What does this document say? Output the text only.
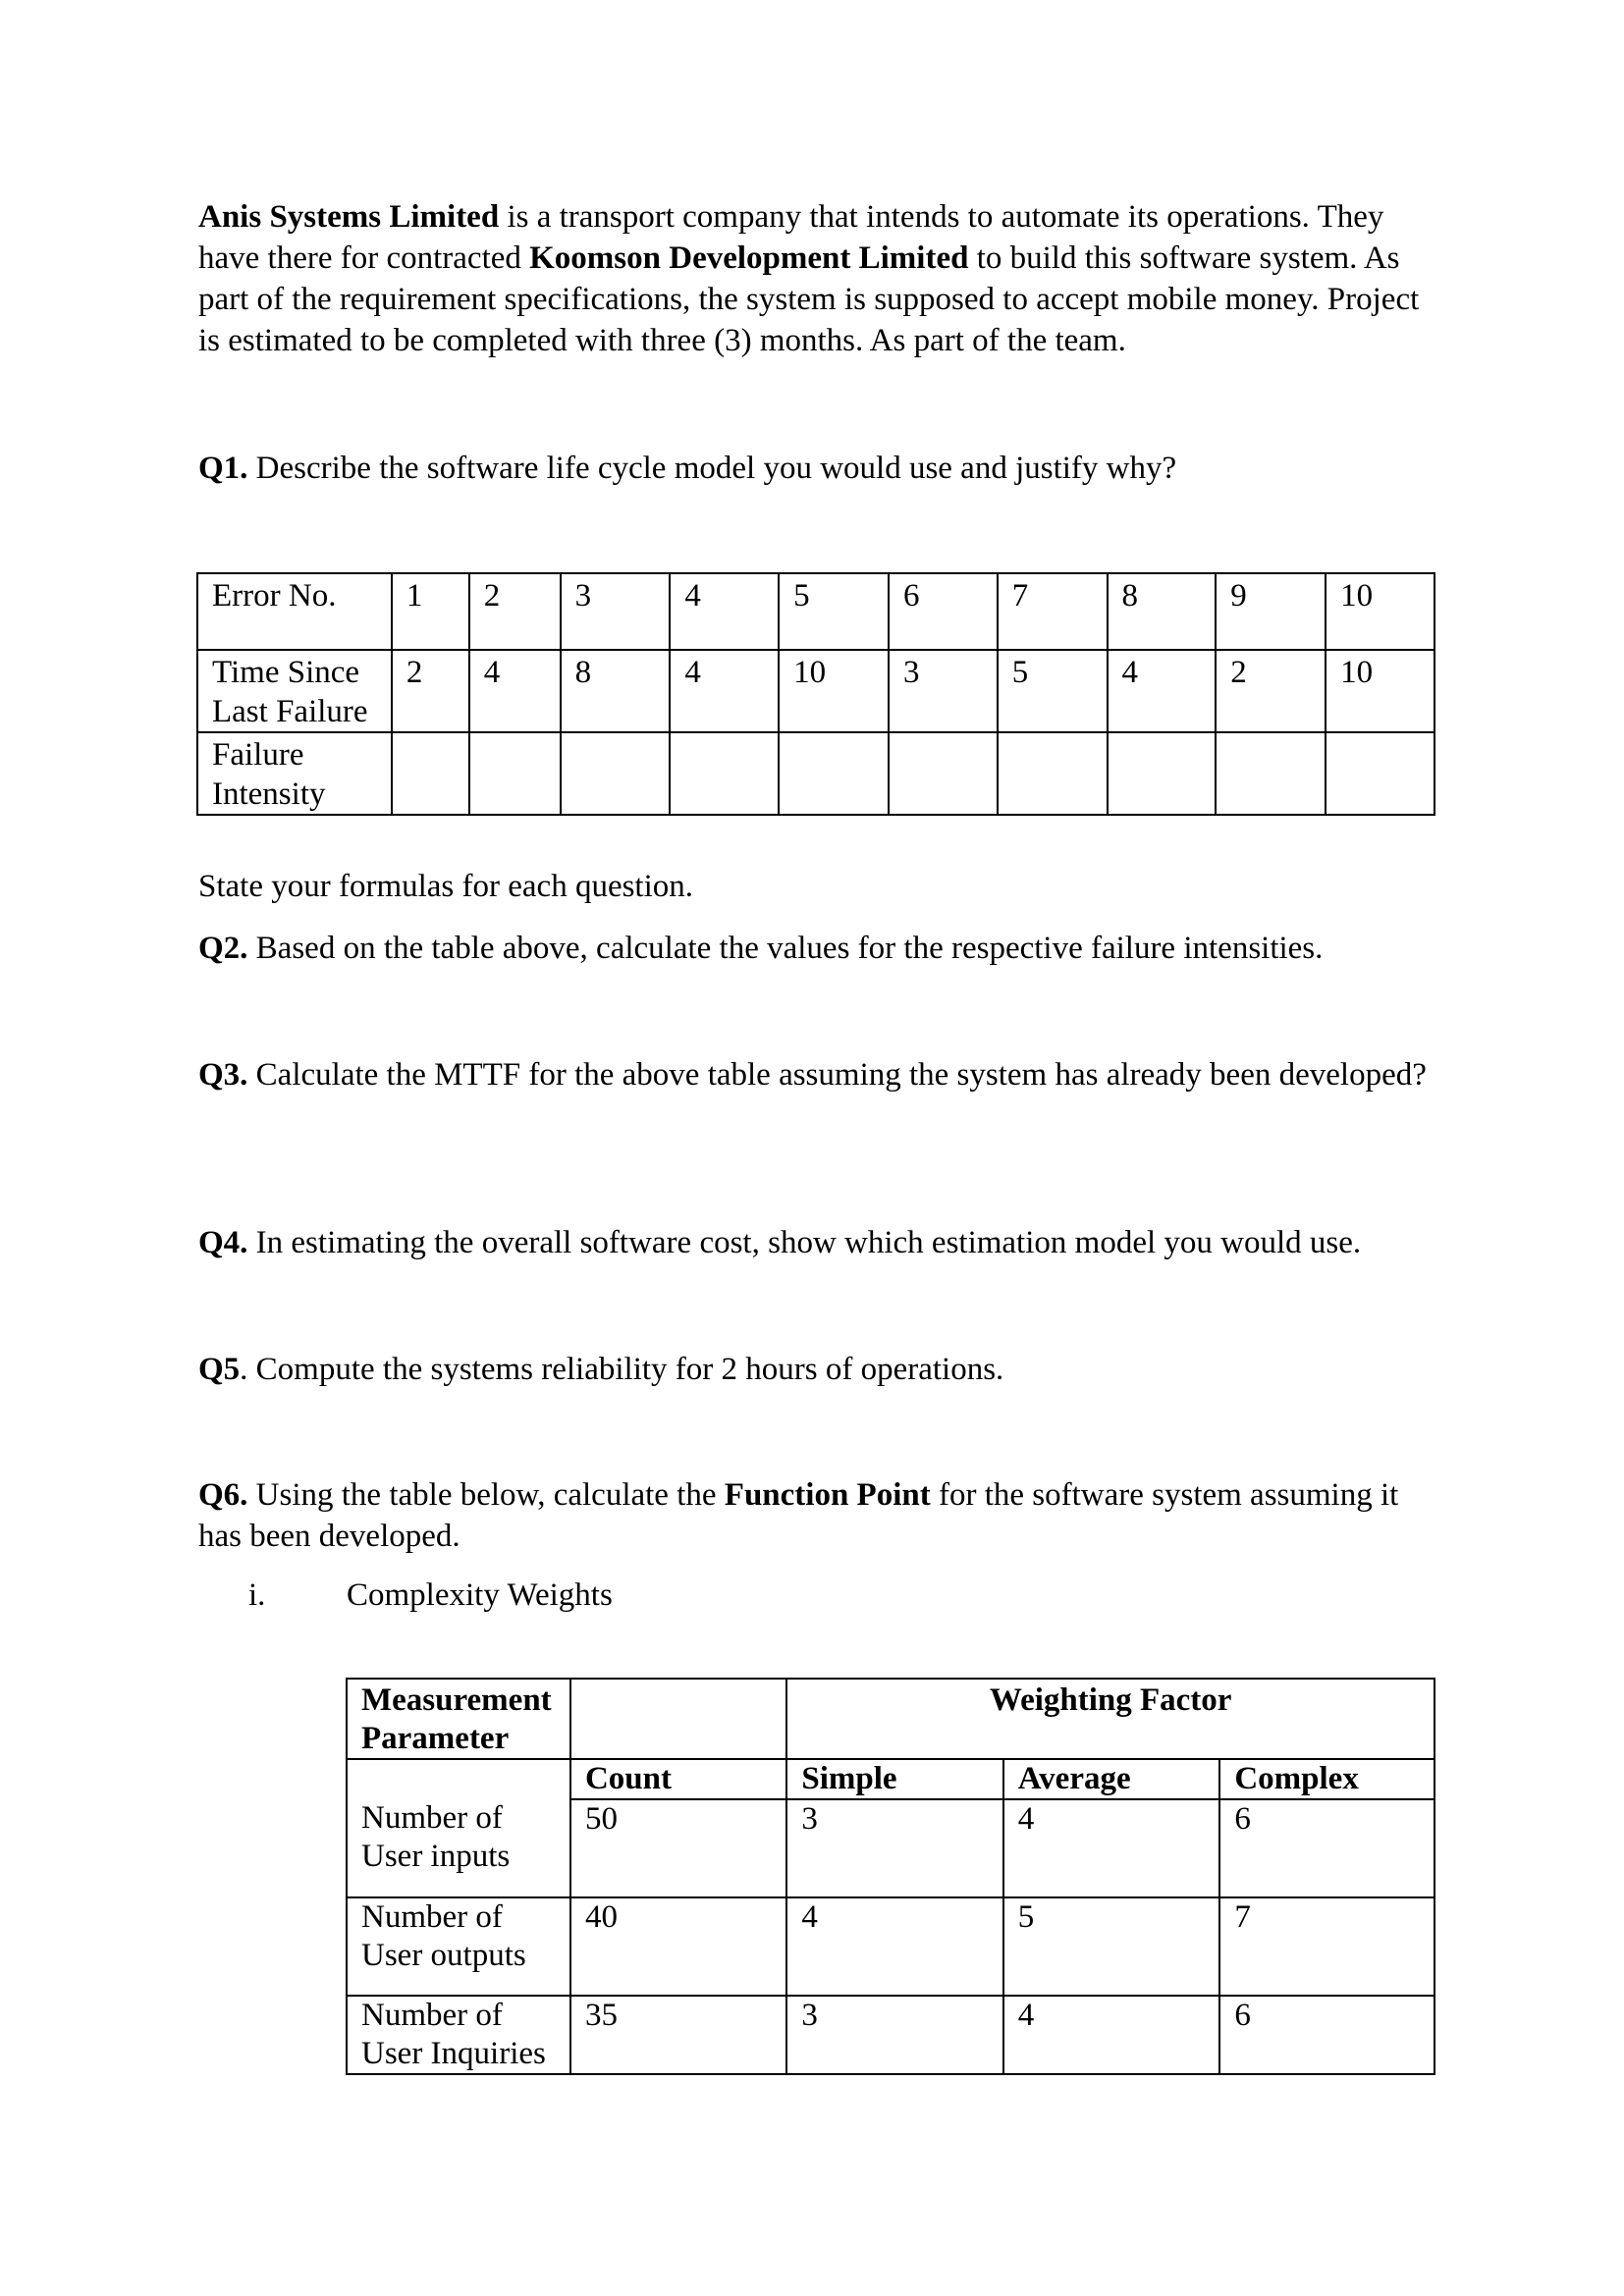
Anis Systems Limited is a transport company that intends to automate its operations. They have there for contracted Koomson Development Limited to build this software system. As part of the requirement specifications, the system is supposed to accept mobile money. Project is estimated to be completed with three (3) months. As part of the team.

Q1. Describe the software life cycle model you would use and justify why?

Error No.	1	2	3	4	5	6	7	8	9	10
Time Since Last Failure	2	4	8	4	10	3	5	4	2	10
Failure Intensity										

State your formulas for each question.

Q2. Based on the table above, calculate the values for the respective failure intensities.

Q3. Calculate the MTTF for the above table assuming the system has already been developed?

Q4. In estimating the overall software cost, show which estimation model you would use.

Q5. Compute the systems reliability for 2 hours of operations.

Q6. Using the table below, calculate the Function Point for the software system assuming it has been developed.

i.	Complexity Weights
Measurement Parameter		Weighting Factor		
	Count	Simple	Average	Complex
Number of User inputs	50	3	4	6
Number of User outputs	40	4	5	7
Number of User Inquiries	35	3	4	6
